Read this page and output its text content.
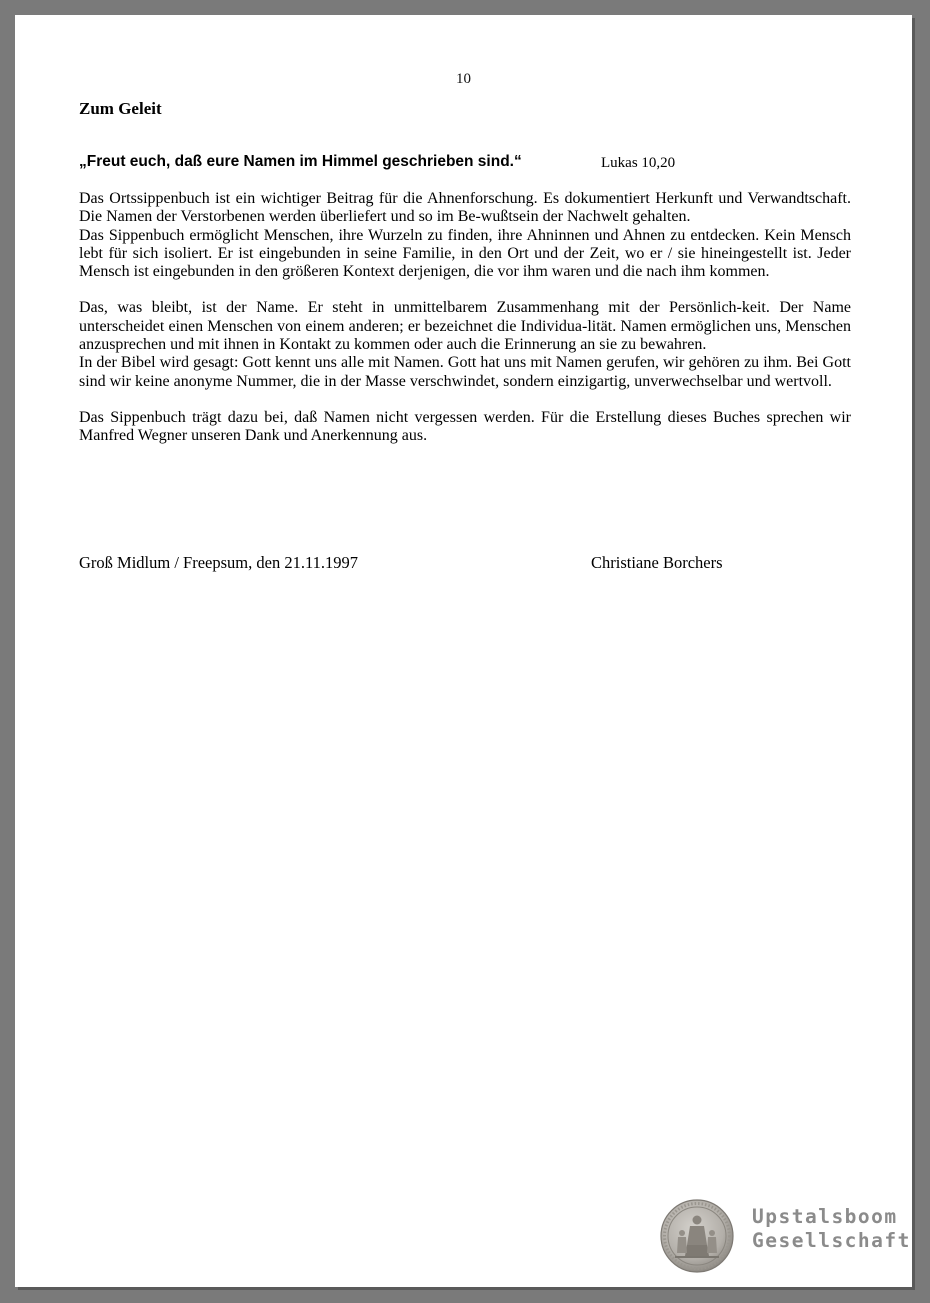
10
Zum Geleit
„Freut euch, daß eure Namen im Himmel geschrieben sind.“	Lukas 10,20

Das Ortssippenbuch ist ein wichtiger Beitrag für die Ahnenforschung. Es dokumentiert Herkunft und Verwandtschaft. Die Namen der Verstorbenen werden überliefert und so im Be-wußtsein der Nachwelt gehalten.

Das Sippenbuch ermöglicht Menschen, ihre Wurzeln zu finden, ihre Ahninnen und Ahnen zu entdecken. Kein Mensch lebt für sich isoliert. Er ist eingebunden in seine Familie, in den Ort und der Zeit, wo er / sie hineingestellt ist. Jeder Mensch ist eingebunden in den größeren Kontext derjenigen, die vor ihm waren und die nach ihm kommen.

Das, was bleibt, ist der Name. Er steht in unmittelbarem Zusammenhang mit der Persönlich-keit. Der Name unterscheidet einen Menschen von einem anderen; er bezeichnet die Individua-lität. Namen ermöglichen uns, Menschen anzusprechen und mit ihnen in Kontakt zu kommen oder auch die Erinnerung an sie zu bewahren.

In der Bibel wird gesagt: Gott kennt uns alle mit Namen. Gott hat uns mit Namen gerufen, wir gehören zu ihm. Bei Gott sind wir keine anonyme Nummer, die in der Masse verschwindet, sondern einzigartig, unverwechselbar und wertvoll.

Das Sippenbuch trägt dazu bei, daß Namen nicht vergessen werden. Für die Erstellung dieses Buches sprechen wir Manfred Wegner unseren Dank und Anerkennung aus.

Groß Midlum / Freepsum, den 21.11.1997	Christiane Borchers
Upstalsboom
Gesellschaft
